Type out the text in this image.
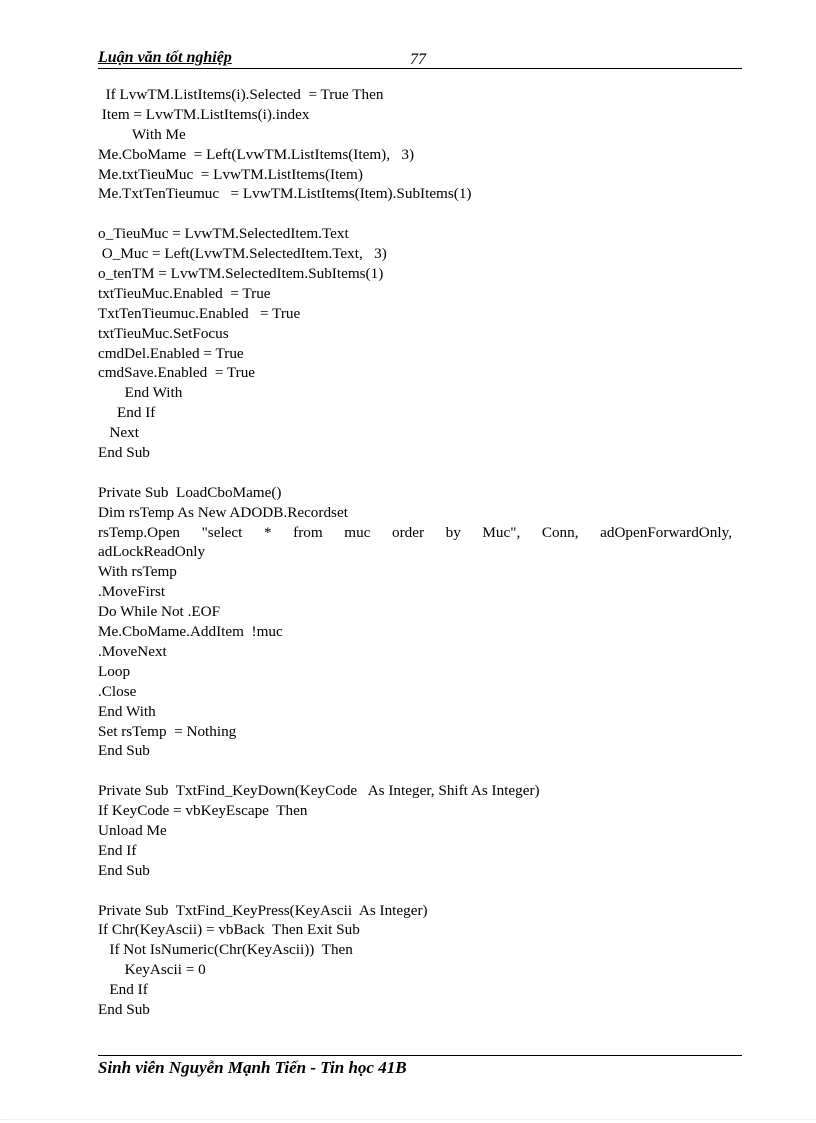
Luận văn tốt nghiệp	77
If LvwTM.ListItems(i).Selected  = True Then
Item = LvwTM.ListItems(i).index
With Me
Me.CboMame  = Left(LvwTM.ListItems(Item),   3)
Me.txtTieuMuc  = LvwTM.ListItems(Item)
Me.TxtTenTieumuc   = LvwTM.ListItems(Item).SubItems(1)
o_TieuMuc = LvwTM.SelectedItem.Text
O_Muc = Left(LvwTM.SelectedItem.Text,   3)
o_tenTM = LvwTM.SelectedItem.SubItems(1)
txtTieuMuc.Enabled  = True
TxtTenTieumuc.Enabled   = True
txtTieuMuc.SetFocus
cmdDel.Enabled = True
cmdSave.Enabled  = True
End With
End If
Next
End Sub
Private Sub  LoadCboMame()
Dim rsTemp As New ADODB.Recordset
rsTemp.Open "select * from muc order by Muc", Conn, adOpenForwardOnly,
adLockReadOnly
With rsTemp
.MoveFirst
Do While Not .EOF
Me.CboMame.AddItem  !muc
.MoveNext
Loop
.Close
End With
Set rsTemp  = Nothing
End Sub
Private Sub  TxtFind_KeyDown(KeyCode   As Integer, Shift As Integer)
If KeyCode = vbKeyEscape  Then
Unload Me
End If
End Sub
Private Sub  TxtFind_KeyPress(KeyAscii  As Integer)
If Chr(KeyAscii) = vbBack  Then Exit Sub
If Not IsNumeric(Chr(KeyAscii))  Then
KeyAscii = 0
End If
End Sub
Sinh viên Nguyễn Mạnh Tiến - Tin học 41B
